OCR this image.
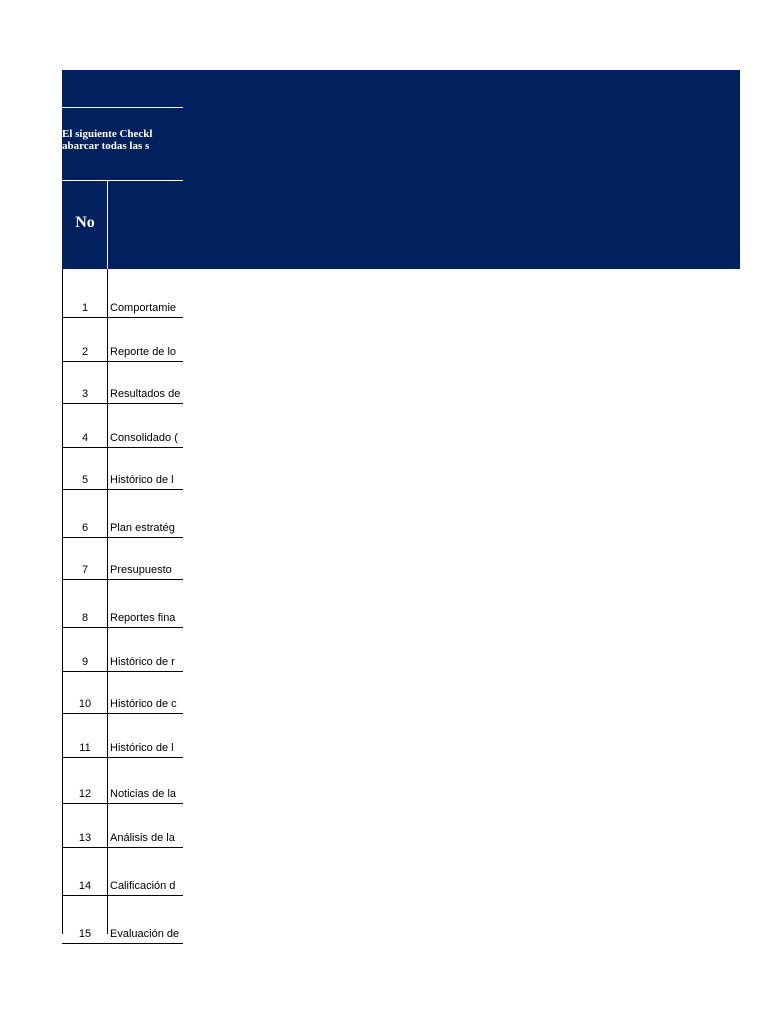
El siguiente Checkl
abarcar todas las s
No
1	Comportamie
2	Reporte de lo
3	Resultados de
4	Consolidado (
5	Histórico de l
6	Plan estratég
7	Presupuesto
8	Reportes fina
9	Histórico de r
10	Histórico de c
11	Histórico de l
12	Noticias de la
13	Análisis de la
14	Calificación d
15	Evaluación de
